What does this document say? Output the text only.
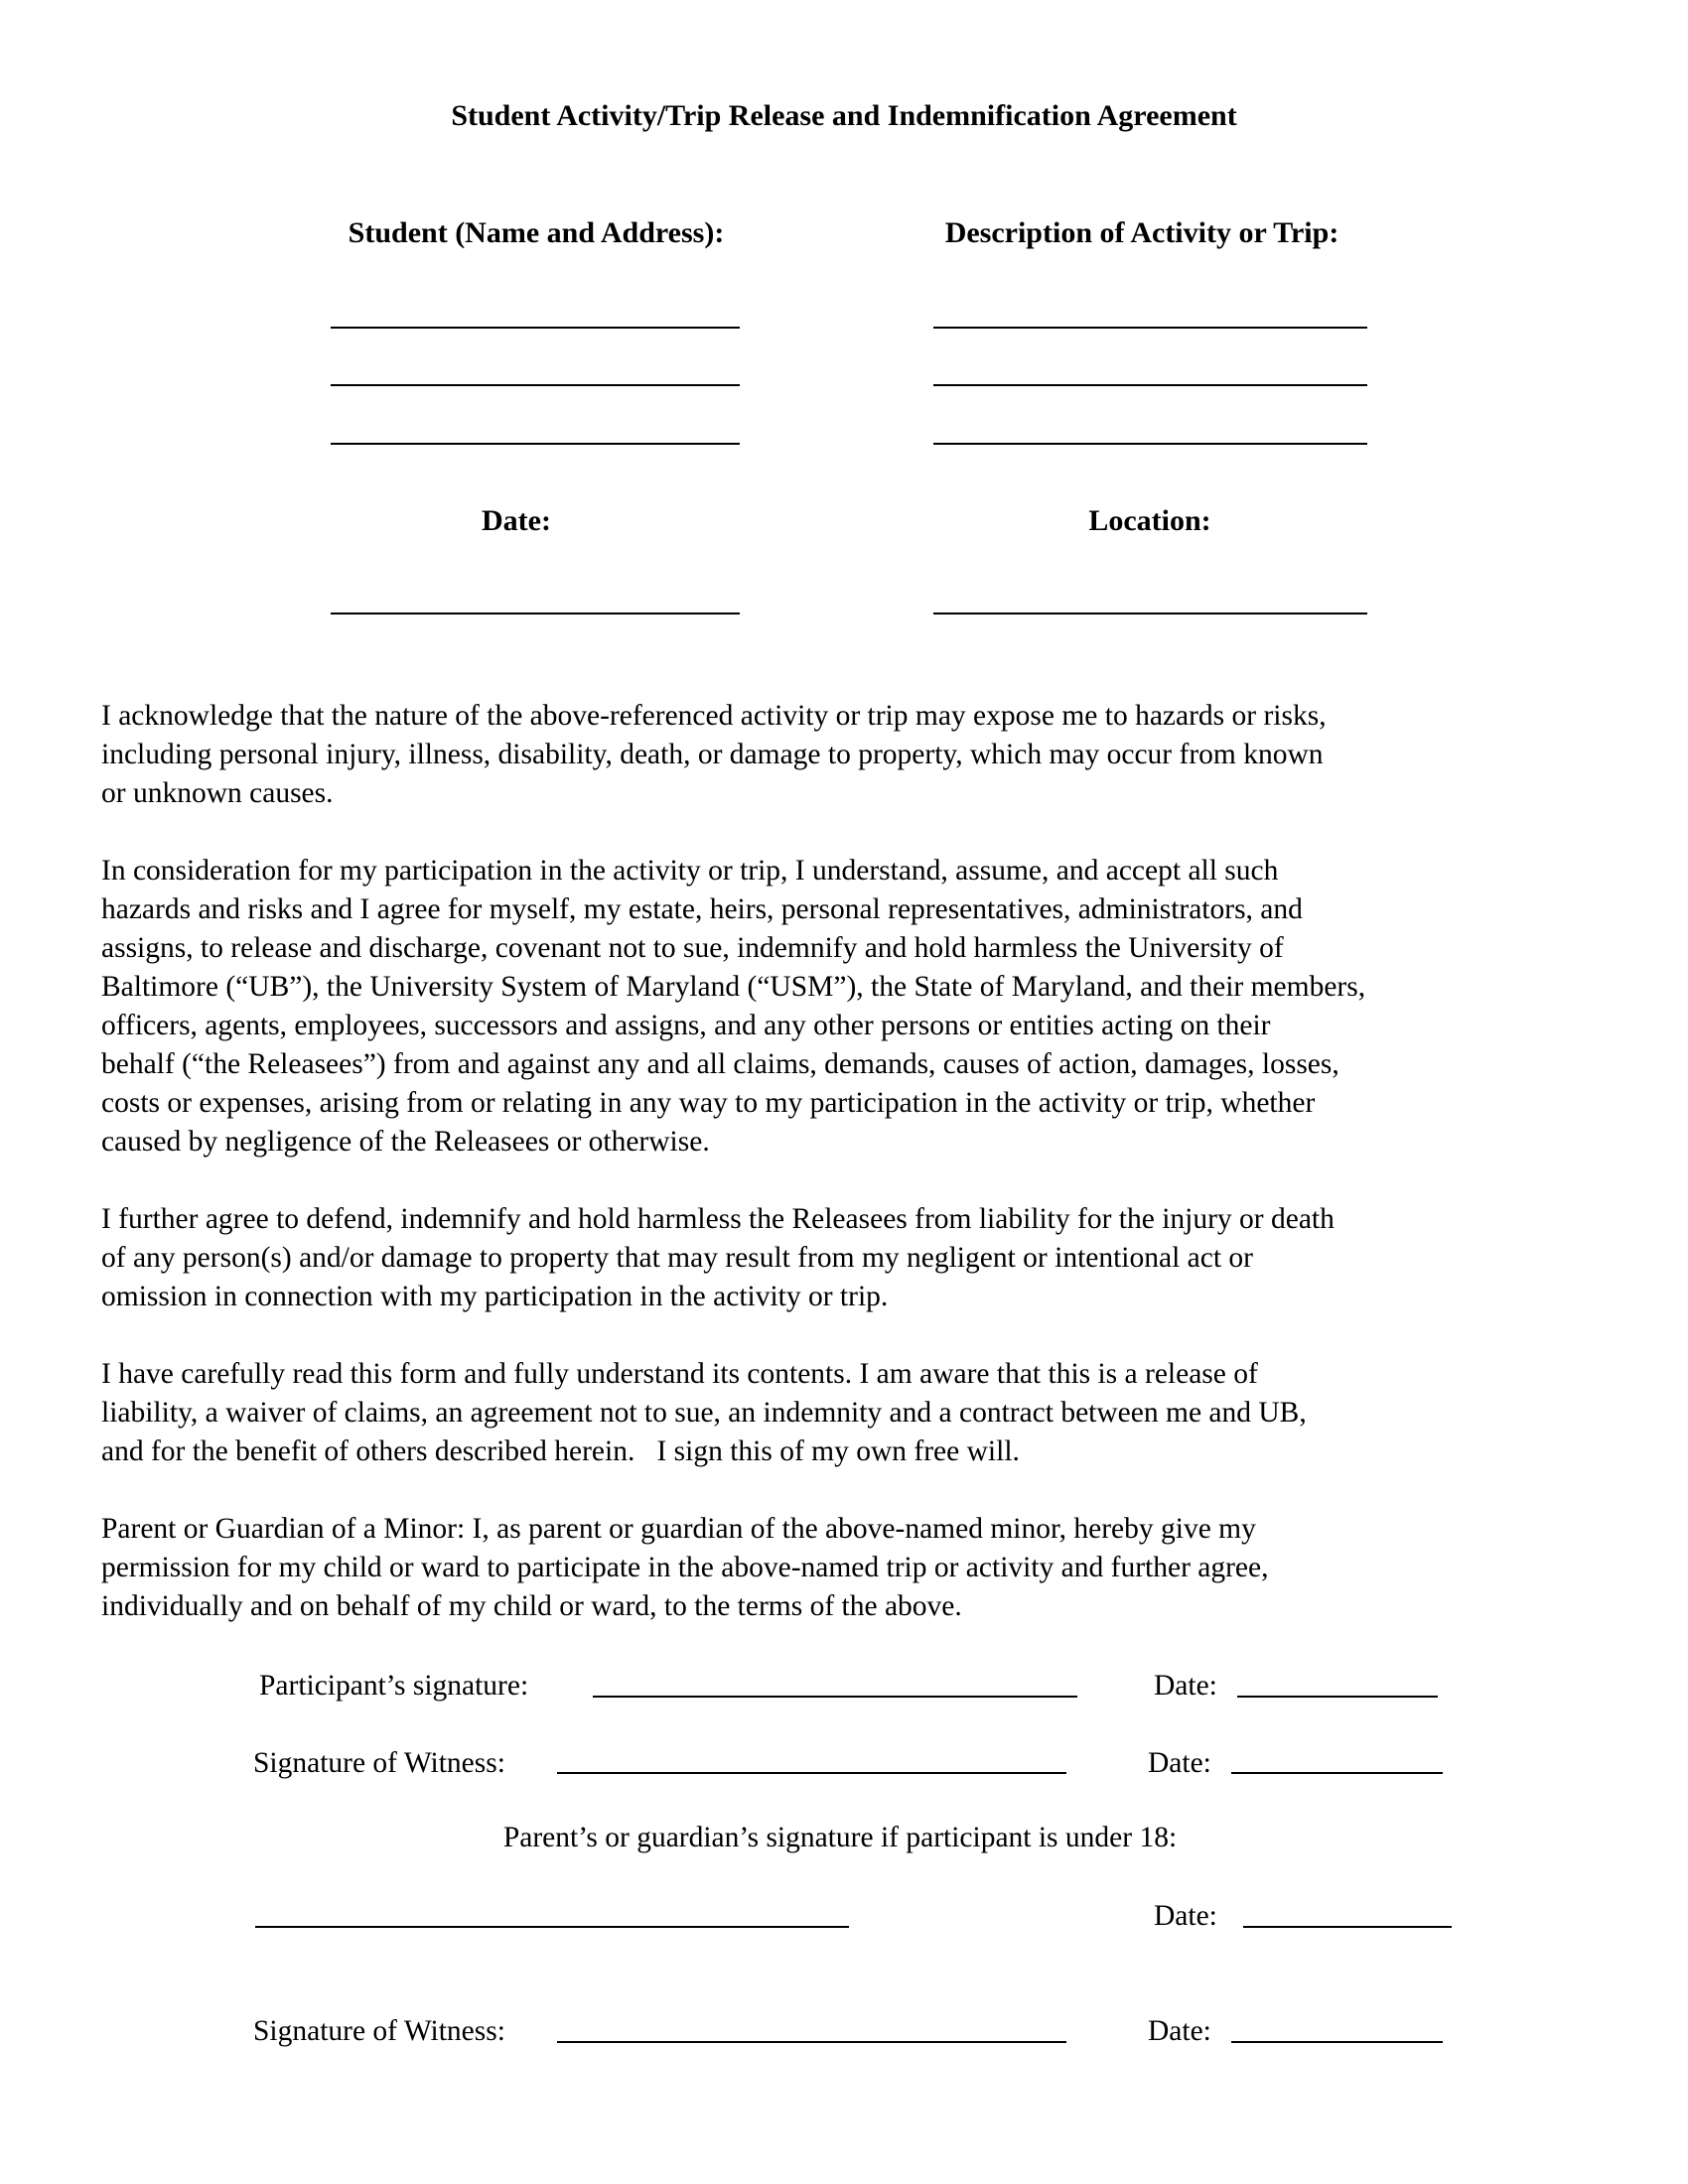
Student Activity/Trip Release and Indemnification Agreement
Student (Name and Address):	Description of Activity or Trip:
Date:	Location:
I acknowledge that the nature of the above-referenced activity or trip may expose me to hazards or risks,
including personal injury, illness, disability, death, or damage to property, which may occur from known
or unknown causes.
In consideration for my participation in the activity or trip, I understand, assume, and accept all such
hazards and risks and I agree for myself, my estate, heirs, personal representatives, administrators, and
assigns, to release and discharge, covenant not to sue, indemnify and hold harmless the University of
Baltimore (“UB”), the University System of Maryland (“USM”), the State of Maryland, and their members,
officers, agents, employees, successors and assigns, and any other persons or entities acting on their
behalf (“the Releasees”) from and against any and all claims, demands, causes of action, damages, losses,
costs or expenses, arising from or relating in any way to my participation in the activity or trip, whether
caused by negligence of the Releasees or otherwise.
I further agree to defend, indemnify and hold harmless the Releasees from liability for the injury or death
of any person(s) and/or damage to property that may result from my negligent or intentional act or
omission in connection with my participation in the activity or trip.
I have carefully read this form and fully understand its contents. I am aware that this is a release of
liability, a waiver of claims, an agreement not to sue, an indemnity and a contract between me and UB,
and for the benefit of others described herein.   I sign this of my own free will.
Parent or Guardian of a Minor: I, as parent or guardian of the above-named minor, hereby give my
permission for my child or ward to participate in the above-named trip or activity and further agree,
individually and on behalf of my child or ward, to the terms of the above.
Participant’s signature:	Date:
Signature of Witness:	Date:
Parent’s or guardian’s signature if participant is under 18:
Date:
Signature of Witness:	Date:
